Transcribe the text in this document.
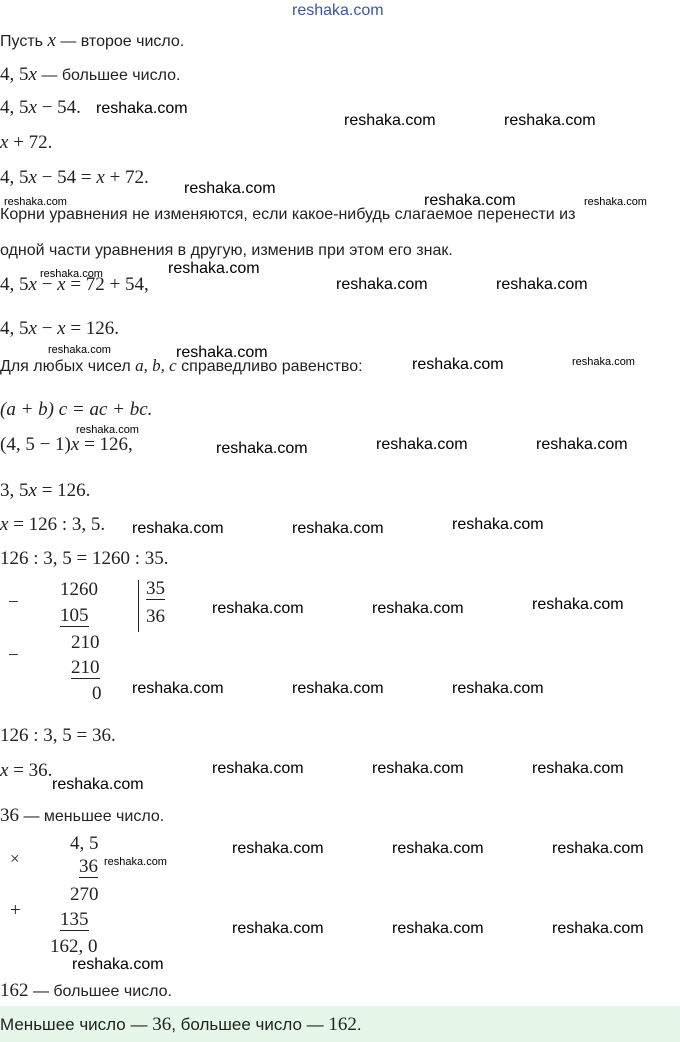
reshaka.com
Пусть x — второе число.
4, 5x — большее число.
4, 5x − 54.
x + 72.
4, 5x − 54 = x + 72.
Корни уравнения не изменяются, если какое-нибудь слагаемое перенести из
одной части уравнения в другую, изменив при этом его знак.
4, 5x − x = 72 + 54,
4, 5x − x = 126.
Для любых чисел a, b, c справедливо равенство:
(a + b) c = ac + bc.
(4, 5 − 1)x = 126,
3, 5x = 126.
x = 126 : 3, 5.
126 : 3, 5 = 1260 : 35.
−
1260
105
35
36
−
210
210
0
126 : 3, 5 = 36.
x = 36.
36 — меньшее число.
4, 5
×	36
270
+ 135
162, 0
162 — большее число.
Меньшее число — 36, большее число — 162.
reshaka.com
reshaka.com	reshaka.com
reshaka.com
reshaka.com
reshaka.com
reshaka.com	reshaka.com
reshaka.com
reshaka.com
reshaka.com	reshaka.com	reshaka.com
reshaka.com	reshaka.com	reshaka.com
reshaka.com	reshaka.com	reshaka.com
reshaka.com	reshaka.com	reshaka.com
reshaka.com	reshaka.com	reshaka.com
reshaka.com
reshaka.com	reshaka.com	reshaka.com
reshaka.com	reshaka.com	reshaka.com
reshaka.com
reshaka.com	reshaka.com
reshaka.com
reshaka.com
reshaka.com
reshaka.com
reshaka.com
